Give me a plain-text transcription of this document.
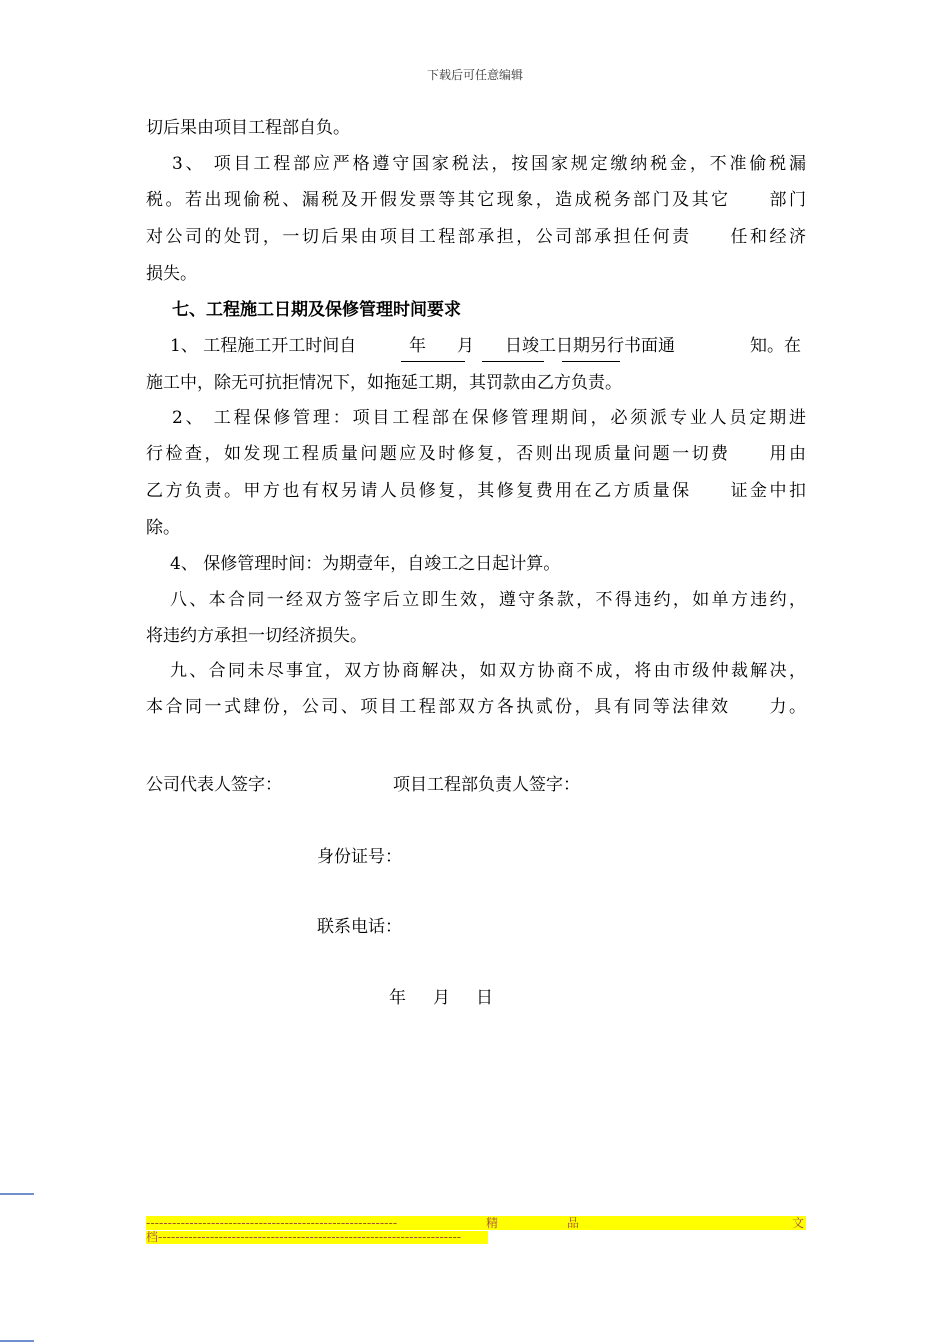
下载后可任意编辑
切后果由项目工程部自负。
3、 项目工程部应严格遵守国家税法，按国家规定缴纳税金，不准偷税漏
税。若出现偷税、漏税及开假发票等其它现象，造成税务部门及其它　　部门
对公司的处罚，一切后果由项目工程部承担，公司部承担任何责　　任和经济
损失。
七、工程施工日期及保修管理时间要求
1、 工程施工开工时间自	年 月 日竣工日期另行书面通	知。在
施工中，除无可抗拒情况下，如拖延工期，其罚款由乙方负责。
2、 工程保修管理：项目工程部在保修管理期间，必须派专业人员定期进
行检查，如发现工程质量问题应及时修复，否则出现质量问题一切费　　用由
乙方负责。甲方也有权另请人员修复，其修复费用在乙方质量保　　证金中扣
除。
4、 保修管理时间：为期壹年，自竣工之日起计算。
八、本合同一经双方签字后立即生效，遵守条款，不得违约，如单方违约，
将违约方承担一切经济损失。
九、合同未尽事宜，双方协商解决，如双方协商不成，将由市级仲裁解决，
本合同一式肆份，公司、项目工程部双方各执贰份，具有同等法律效　　力。
公司代表人签字：	项目工程部负责人签字：
身份证号：
联系电话：
年 月 日
----------------------------------------------------------	精	品	文
档----------------------------------------------------------------------
